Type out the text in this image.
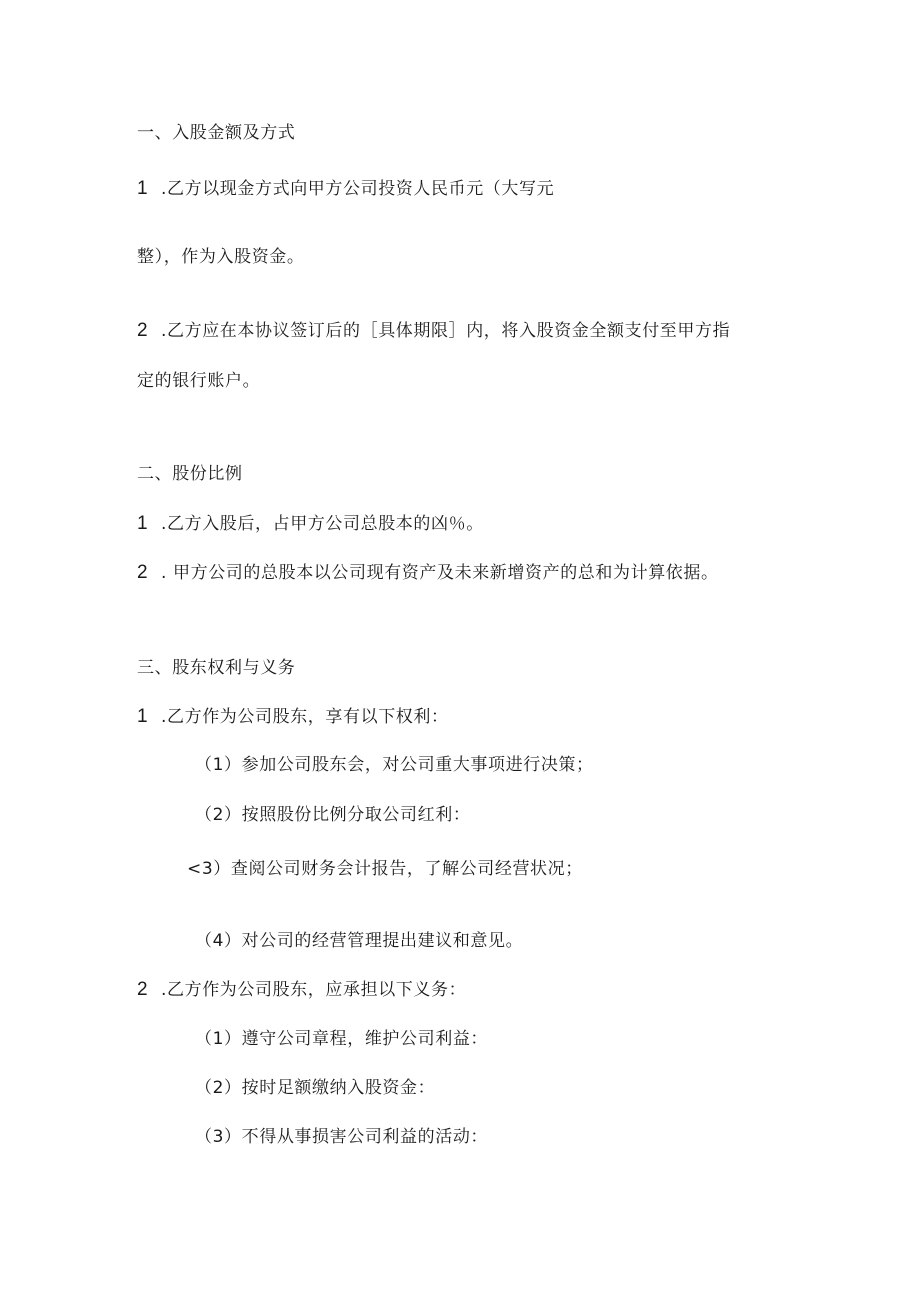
一、入股金额及方式
1 .乙方以现金方式向甲方公司投资人民币元（大写元
整），作为入股资金。
2 .乙方应在本协议签订后的［具体期限］内，将入股资金全额支付至甲方指
定的银行账户。
二、股份比例
1 .乙方入股后，占甲方公司总股本的凶％。
2 . 甲方公司的总股本以公司现有资产及未来新增资产的总和为计算依据。
三、股东权利与义务
1 .乙方作为公司股东，享有以下权利：
（1）参加公司股东会，对公司重大事项进行决策；
（2）按照股份比例分取公司红利：
<3）查阅公司财务会计报告，了解公司经营状况；
（4）对公司的经营管理提出建议和意见。
2 .乙方作为公司股东，应承担以下义务：
（1）遵守公司章程，维护公司利益：
（2）按时足额缴纳入股资金：
（3）不得从事损害公司利益的活动：
